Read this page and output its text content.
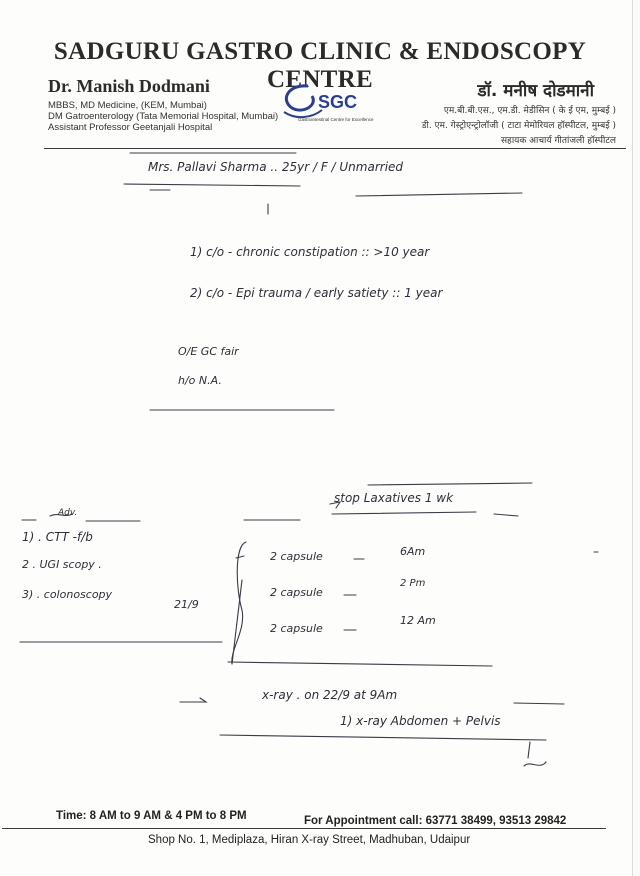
SADGURU GASTRO CLINIC & ENDOSCOPY CENTRE
Dr. Manish Dodmani
MBBS, MD Medicine, (KEM, Mumbai)
DM Gatroenterology (Tata Memorial Hospital, Mumbai)
Assistant Professor Geetanjali Hospital
SGC
Gastrointestinal Centre for Excellence
डॉ. मनीष दोडमानी
एम.बी.बी.एस., एम.डी. मेडीसिन ( के ई एम, मुम्बई )
डी. एम. गेस्ट्रोएन्ट्रोलॉजी ( टाटा मेमोरियल हॉस्पीटल, मुम्बई )
सहायक आचार्य गीतांजली हॉस्पीटल
Mrs. Pallavi Sharma .. 25yr / F / Unmarried
1) c/o - chronic constipation :: >10 year
2) c/o - Epi trauma / early satiety :: 1 year
O/E GC fair
h/o N.A.
Adv.
1) . CTT -f/b
2 . UGI scopy .
3) . colonoscopy
21/9
stop Laxatives 1 wk
2 capsule	6Am
2 capsule
2 Pm
2 capsule
12 Am
x-ray . on 22/9 at 9Am
1) x-ray Abdomen + Pelvis
Time: 8 AM to 9 AM & 4 PM to 8 PM	For Appointment call: 63771 38499, 93513 29842
Shop No. 1, Mediplaza, Hiran X-ray Street, Madhuban, Udaipur
